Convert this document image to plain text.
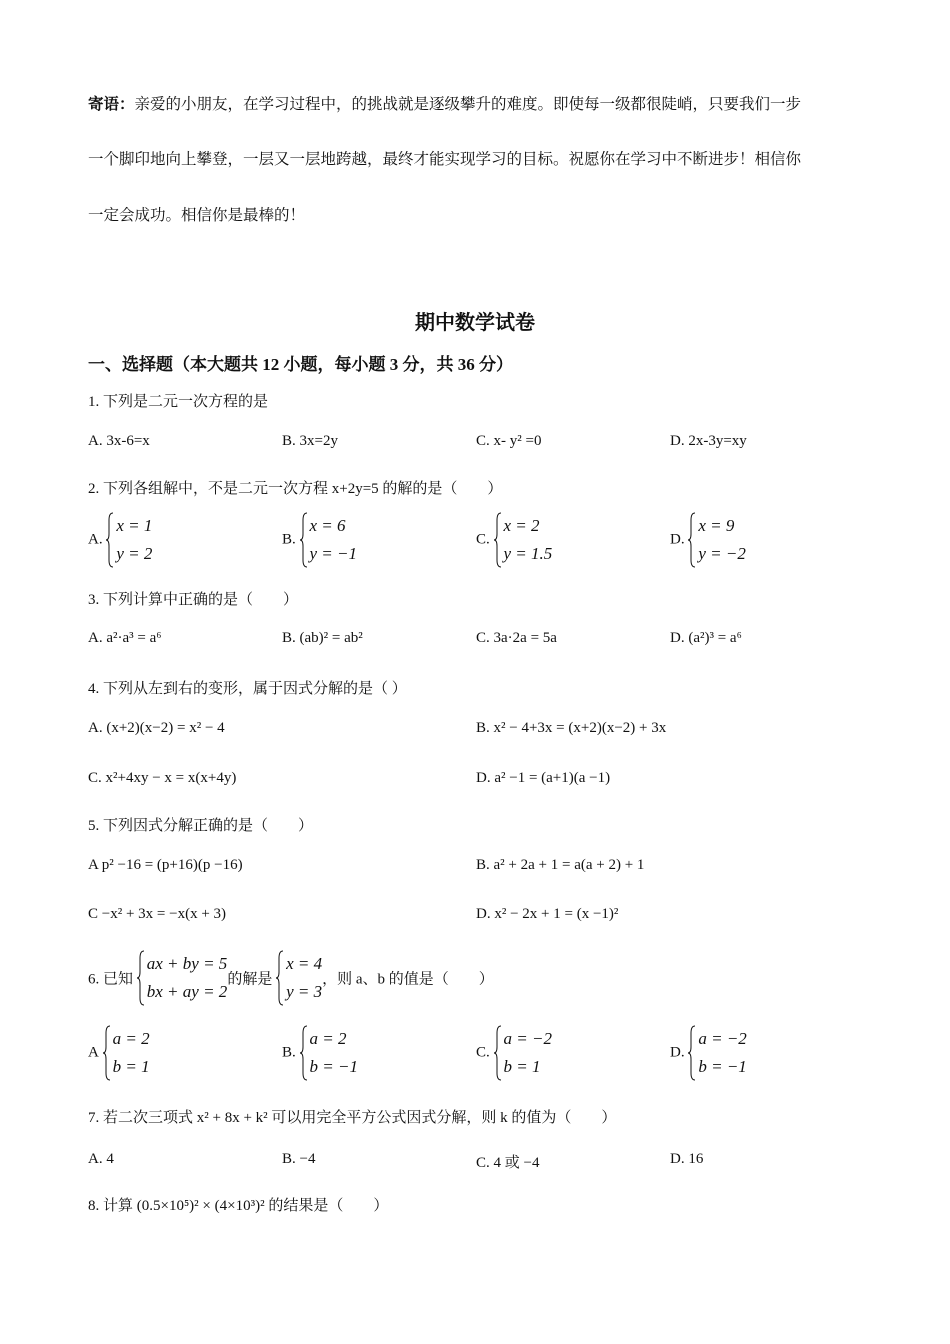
寄语：亲爱的小朋友，在学习过程中，的挑战就是逐级攀升的难度。即使每一级都很陡峭，只要我们一步
一个脚印地向上攀登，一层又一层地跨越，最终才能实现学习的目标。祝愿你在学习中不断进步！相信你
一定会成功。相信你是最棒的！
期中数学试卷
一、选择题（本大题共 12 小题，每小题 3 分，共 36 分）
1. 下列是二元一次方程的是
A. 3x-6=x	B. 3x=2y	C. x- y² =0	D. 2x-3y=xy
2. 下列各组解中，不是二元一次方程 x+2y=5 的解的是（　　）
A.
x = 1
y = 2
B.
x = 6
y = −1
C.
x = 2
y = 1.5
D.
x = 9
y = −2
3. 下列计算中正确的是（　　）
A. a²·a³ = a⁶	B. (ab)² = ab²	C. 3a·2a = 5a	D. (a²)³ = a⁶
4. 下列从左到右的变形，属于因式分解的是（ ）
A. (x+2)(x−2) = x² − 4	B. x² − 4+3x = (x+2)(x−2) + 3x
C. x²+4xy − x = x(x+4y)	D. a² −1 = (a+1)(a −1)
5. 下列因式分解正确的是（　　）
A p² −16 = (p+16)(p −16)	B. a² + 2a + 1 = a(a + 2) + 1
C −x² + 3x = −x(x + 3)	D. x² − 2x + 1 = (x −1)²
6. 已知
ax + by = 5
bx + ay = 2
的解是
x = 4
y = 3
，则 a、b 的值是（　　）
A
a = 2
b = 1
B.
a = 2
b = −1
C.
a = −2
b = 1
D.
a = −2
b = −1
7. 若二次三项式 x² + 8x + k² 可以用完全平方公式因式分解，则 k 的值为（　　）
A. 4	B. −4	C. 4 或 −4	D. 16
8. 计算 (0.5×10⁵)² × (4×10³)² 的结果是（　　）
